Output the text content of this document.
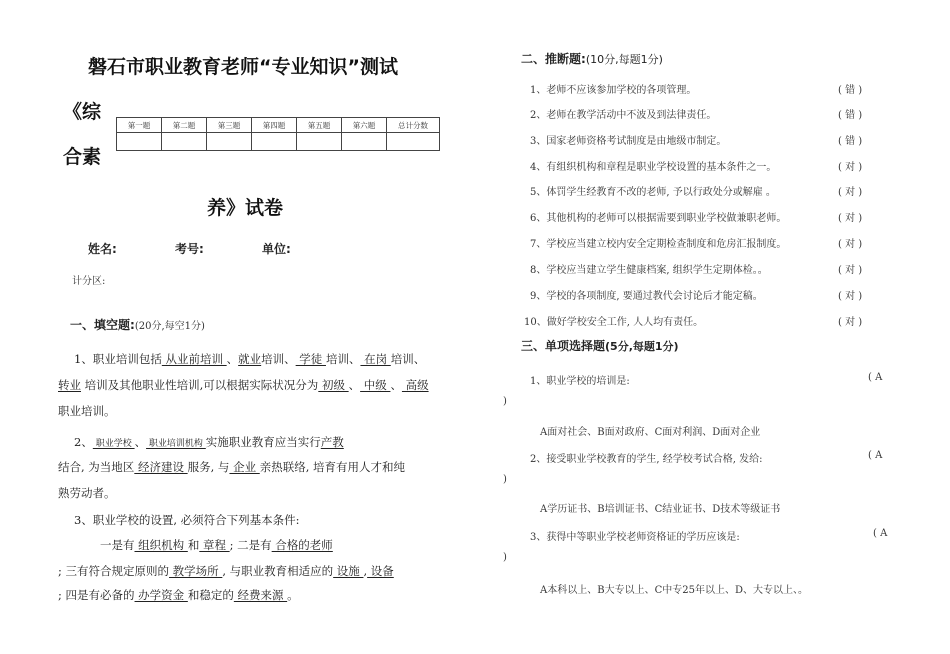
磐石市职业教育老师“专业知识”测试
《综
合素
养》试卷
第一题	第二题	第三题	第四题	第五题	第六题	总计分数

姓名:	考号:	单位:
计分区:
一、填空题:(20分,每空1分)
1、职业培训包括 从业前培训 、就业培训、 学徒 培训、 在岗 培训、
转业 培训及其他职业性培训,可以根据实际状况分为 初级 、 中级 、 高级
职业培训。
2、 职业学校 、 职业培训机构 实施职业教育应当实行产教
结合, 为当地区 经济建设 服务, 与 企业 亲热联络, 培育有用人才和纯
熟劳动者。
3、职业学校的设置, 必须符合下列基本条件:
一是有 组织机构 和 章程 ; 二是有 合格的老师
; 三有符合规定原则的 教学场所 , 与职业教育相适应的 设施 , 设备
; 四是有必备的 办学资金 和稳定的 经费来源 。
二、推断题:(10分,每题1分)
1、老师不应该参加学校的各项管理。	( 错 )
2、老师在教学活动中不波及到法律责任。	( 错 )
3、国家老师资格考试制度是由地级市制定。	( 错 )
4、有组织机构和章程是职业学校设置的基本条件之一。	( 对 )
5、体罚学生经教育不改的老师, 予以行政处分或解雇 。	( 对 )
6、其他机构的老师可以根据需要到职业学校做兼职老师。	( 对 )
7、学校应当建立校内安全定期检查制度和危房汇报制度。	( 对 )
8、学校应当建立学生健康档案, 组织学生定期体检。。	( 对 )
9、学校的各项制度, 要通过教代会讨论后才能定稿。	( 对 )
10、做好学校安全工作, 人人均有责任。	( 对 )
三、单项选择题(5分,每题1分)
1、职业学校的培训是:	( A
)
A面对社会、B面对政府、C面对利润、D面对企业
2、接受职业学校教育的学生, 经学校考试合格, 发给:	( A
)
A学历证书、B培训证书、C结业证书、D技术等级证书
3、获得中等职业学校老师资格证的学历应该是:	( A
)
A本科以上、B大专以上、C中专25年以上、D、大专以上、。
